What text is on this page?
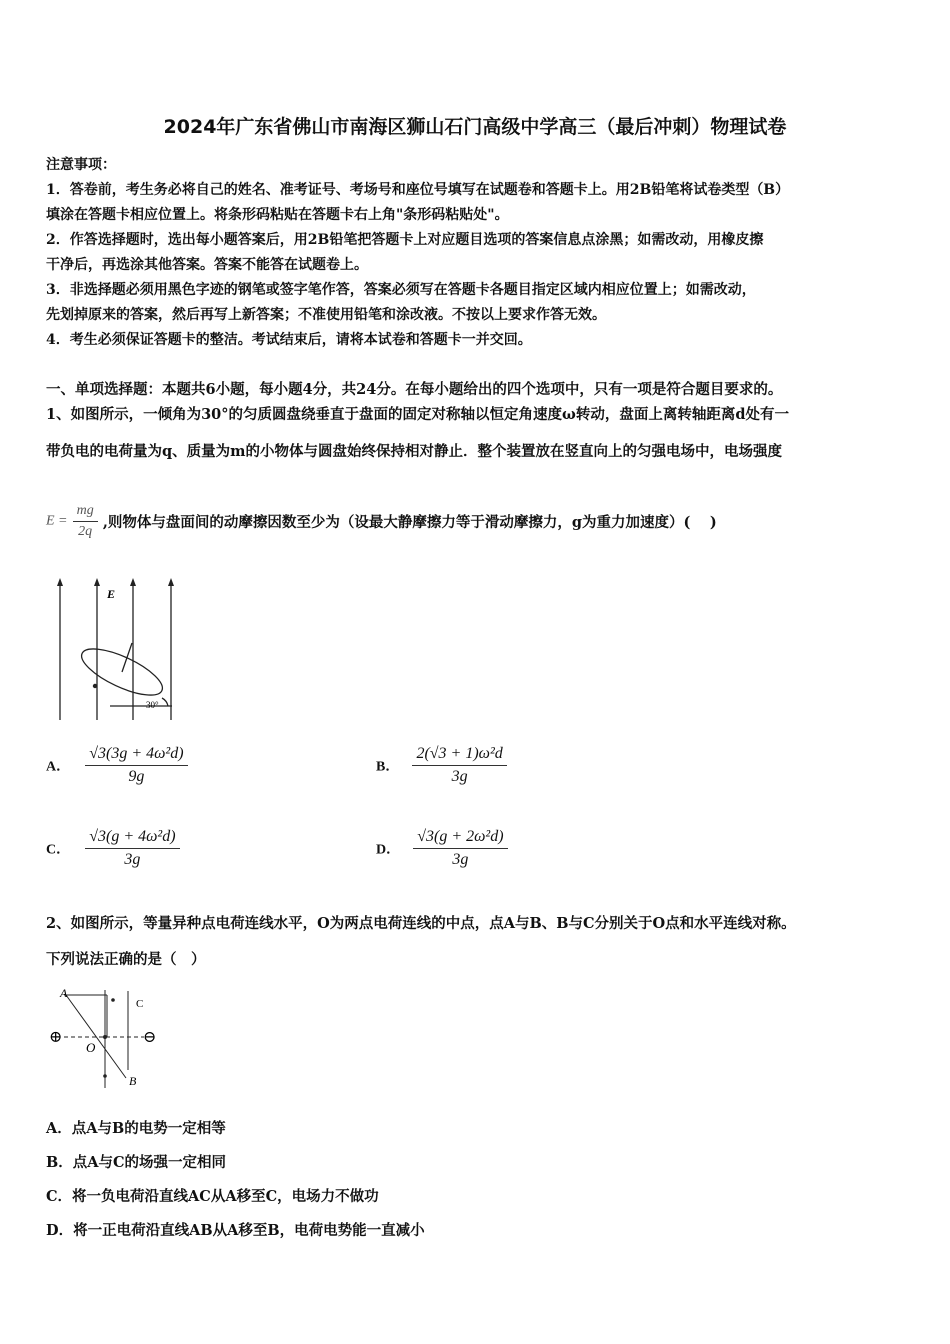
2024年广东省佛山市南海区狮山石门高级中学高三（最后冲刺）物理试卷
注意事项：
1．答卷前，考生务必将自己的姓名、准考证号、考场号和座位号填写在试题卷和答题卡上。用2B铅笔将试卷类型（B）
填涂在答题卡相应位置上。将条形码粘贴在答题卡右上角"条形码粘贴处"。
2．作答选择题时，选出每小题答案后，用2B铅笔把答题卡上对应题目选项的答案信息点涂黑；如需改动，用橡皮擦
干净后，再选涂其他答案。答案不能答在试题卷上。
3．非选择题必须用黑色字迹的钢笔或签字笔作答，答案必须写在答题卡各题目指定区域内相应位置上；如需改动，
先划掉原来的答案，然后再写上新答案；不准使用铅笔和涂改液。不按以上要求作答无效。
4．考生必须保证答题卡的整洁。考试结束后，请将本试卷和答题卡一并交回。
一、单项选择题：本题共6小题，每小题4分，共24分。在每小题给出的四个选项中，只有一项是符合题目要求的。
1、如图所示，一倾角为30°的匀质圆盘绕垂直于盘面的固定对称轴以恒定角速度ω转动，盘面上离转轴距离d处有一
带负电的电荷量为q、质量为m的小物体与圆盘始终保持相对静止．整个装置放在竖直向上的匀强电场中，电场强度
$E = \frac{mg}{2q}$ ,则物体与盘面间的动摩擦因数至少为（设最大静摩擦力等于滑动摩擦力，g为重力加速度）(　 )
E
30°
A． $\frac{\text{√3(3g + 4ω²d)}}{9g}$	B． $\frac{\text{2(√3 + 1)ω²d}}{3g}$
C． $\frac{\text{√3(g + 4ω²d)}}{3g}$	D． $\frac{\text{√3(g + 2ω²d)}}{3g}$
2、如图所示，等量异种点电荷连线水平，O为两点电荷连线的中点，点A与B、B与C分别关于O点和水平连线对称。
下列说法正确的是（　）
A
C
O
B
⊕	⊖
A．点A与B的电势一定相等
B．点A与C的场强一定相同
C．将一负电荷沿直线AC从A移至C，电场力不做功
D．将一正电荷沿直线AB从A移至B，电荷电势能一直减小
